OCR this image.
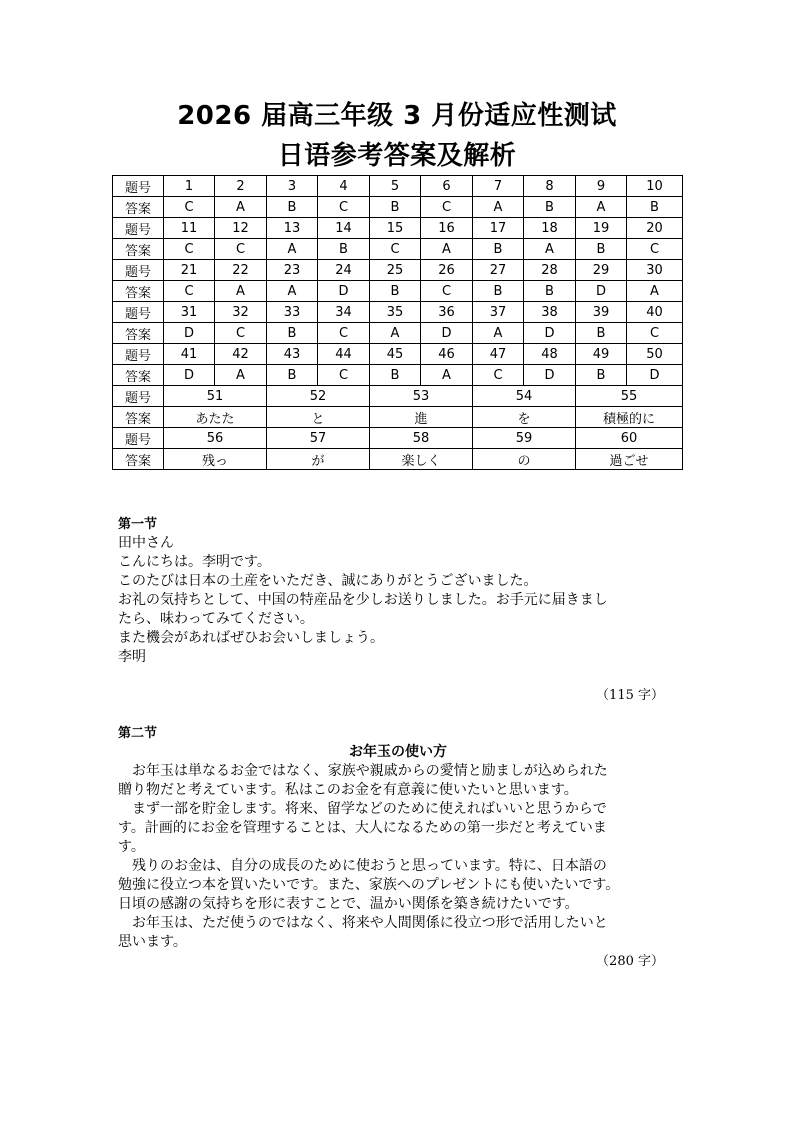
2026 届高三年级 3 月份适应性测试
日语参考答案及解析
题号	1	2	3	4	5	6	7	8	9	10
答案	C	A	B	C	B	C	A	B	A	B
题号	11	12	13	14	15	16	17	18	19	20
答案	C	C	A	B	C	A	B	A	B	C
题号	21	22	23	24	25	26	27	28	29	30
答案	C	A	A	D	B	C	B	B	D	A
题号	31	32	33	34	35	36	37	38	39	40
答案	D	C	B	C	A	D	A	D	B	C
题号	41	42	43	44	45	46	47	48	49	50
答案	D	A	B	C	B	A	C	D	B	D
题号	51		52		53		54		55	
答案	あたた		と		進		を		積極的に	
题号	56		57		58		59		60	
答案	残っ		が		楽しく		の		過ごせ	
第一节
田中さん
こんにちは。李明です。
このたびは日本の土産をいただき、誠にありがとうございました。
お礼の気持ちとして、中国の特産品を少しお送りしました。お手元に届きまし
たら、味わってみてください。
また機会があればぜひお会いしましょう。
李明
（115 字）
第二节
お年玉の使い方
お年玉は単なるお金ではなく、家族や親戚からの愛情と励ましが込められた
贈り物だと考えています。私はこのお金を有意義に使いたいと思います。
まず一部を貯金します。将来、留学などのために使えればいいと思うからで
す。計画的にお金を管理することは、大人になるための第一歩だと考えていま
す。
残りのお金は、自分の成長のために使おうと思っています。特に、日本語の
勉強に役立つ本を買いたいです。また、家族へのプレゼントにも使いたいです。
日頃の感謝の気持ちを形に表すことで、温かい関係を築き続けたいです。
お年玉は、ただ使うのではなく、将来や人間関係に役立つ形で活用したいと
思います。
（280 字）
